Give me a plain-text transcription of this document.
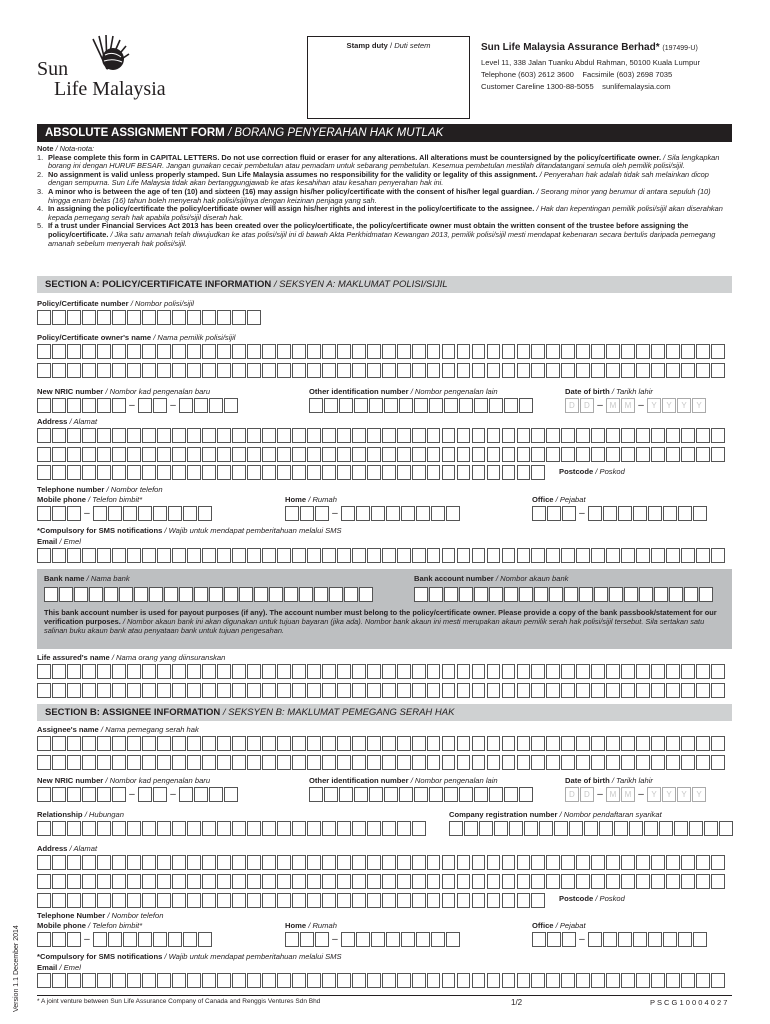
Stamp duty / Duti setem
Sun
Life Malaysia
Sun Life Malaysia Assurance Berhad* (197499-U)
Level 11, 338 Jalan Tuanku Abdul Rahman, 50100 Kuala Lumpur
Telephone (603) 2612 3600    Facsimile (603) 2698 7035
Customer Careline 1300-88-5055    sunlifemalaysia.com
ABSOLUTE ASSIGNMENT FORM / BORANG PENYERAHAN HAK MUTLAK

Note / Nota-nota:

1. Please complete this form in CAPITAL LETTERS. Do not use correction fluid or eraser for any alterations. All alterations must be countersigned by the policy/certificate owner. / Sila lengkapkan borang ini dengan HURUF BESAR. Jangan gunakan cecair pembetulan atau pemadam untuk sebarang pembetulan. Kesemua pembetulan mestilah ditandatangani semula oleh pemilik polisi/sijil.

2. No assignment is valid unless properly stamped. Sun Life Malaysia assumes no responsibility for the validity or legality of this assignment. / Penyerahan hak adalah tidak sah melainkan dicop dengan sempurna. Sun Life Malaysia tidak akan bertanggungjawab ke atas kesahihan atau kesahan penyerahan hak ini.

3. A minor who is between the age of ten (10) and sixteen (16) may assign his/her policy/certificate with the consent of his/her legal guardian. / Seorang minor yang berumur di antara sepuluh (10) hingga enam belas (16) tahun boleh menyerah hak polisi/sijilnya dengan keizinan penjaga yang sah.

4. In assigning the policy/certificate the policy/certificate owner will assign his/her rights and interest in the policy/certificate to the assignee. / Hak dan kepentingan pemilik polisi/sijil akan diserahkan kepada pemegang serah hak apabila polisi/sijil diserah hak.

5. If a trust under Financial Services Act 2013 has been created over the policy/certificate, the policy/certificate owner must obtain the written consent of the trustee before assigning the policy/certificate. / Jika satu amanah telah diwujudkan ke atas polisi/sijil ini di bawah Akta Perkhidmatan Kewangan 2013, pemilik polisi/sijil mesti mendapat kebenaran secara bertulis daripada pemegang amanah sebelum menyerah hak polisi/sijil.

SECTION A: POLICY/CERTIFICATE INFORMATION / SEKSYEN A: MAKLUMAT POLISI/SIJIL
Policy/Certificate number / Nombor polisi/sijil
Policy/Certificate owner's name / Nama pemilik polisi/sijil
New NRIC number / Nombor kad pengenalan baru	Other identification number / Nombor pengenalan lain	Date of birth / Tarikh lahir
–	–	D	D – M	M – Y	Y	Y	Y
Address / Alamat
Postcode / Poskod
Telephone number / Nombor telefon
Mobile phone / Telefon bimbit*	Home / Rumah	Office / Pejabat
–	–	–
*Compulsory for SMS notifications / Wajib untuk mendapat pemberitahuan melalui SMS
Email / Emel
Bank name / Nama bank	Bank account number / Nombor akaun bank
This bank account number is used for payout purposes (if any). The account number must belong to the policy/certificate owner. Please provide a copy of the bank passbook/statement for our verification purposes. / Nombor akaun bank ini akan digunakan untuk tujuan bayaran (jika ada). Nombor bank akaun ini mesti merupakan akaun pemilik serah hak polisi/sijil tersebut. Sila sertakan satu salinan buku akaun bank atau penyataan bank untuk tujuan pengesahan.
Life assured's name / Nama orang yang diinsuranskan
SECTION B: ASSIGNEE INFORMATION / SEKSYEN B: MAKLUMAT PEMEGANG SERAH HAK
Assignee's name / Nama pemegang serah hak
New NRIC number / Nombor kad pengenalan baru	Other identification number / Nombor pengenalan lain	Date of birth / Tarikh lahir
–	–	D	D – M	M – Y	Y	Y	Y
Relationship / Hubungan	Company registration number / Nombor pendaftaran syarikat
Address / Alamat
Postcode / Poskod
Telephone Number / Nombor telefon
Mobile phone / Telefon bimbit*	Home / Rumah	Office / Pejabat
–	–	–
*Compulsory for SMS notifications / Wajib untuk mendapat pemberitahuan melalui SMS
Email / Emel
Version 1.1 December 2014	* A joint venture between Sun Life Assurance Company of Canada and Renggis Ventures Sdn Bhd	1/2	P S C G 1 0 0 0 4 0 2 7
